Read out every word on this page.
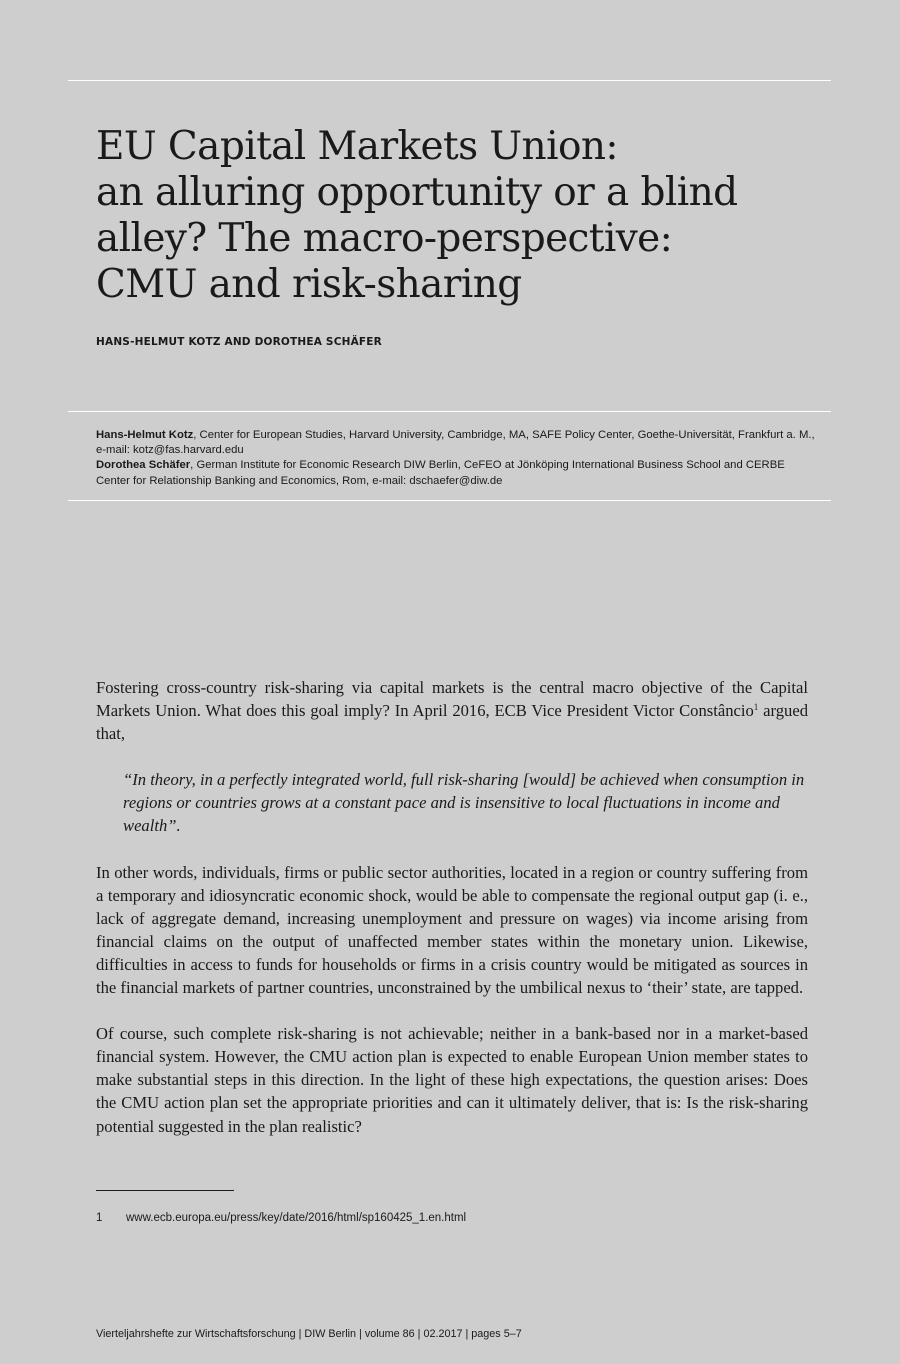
EU Capital Markets Union:
an alluring opportunity or a blind
alley? The macro-perspective:
CMU and risk-sharing
HANS-HELMUT KOTZ AND DOROTHEA SCHÄFER

Hans-Helmut Kotz, Center for European Studies, Harvard University, Cambridge, MA, SAFE Policy Center, Goethe-Universität, Frankfurt a. M., e-mail: kotz@fas.harvard.edu

Dorothea Schäfer, German Institute for Economic Research DIW Berlin, CeFEO at Jönköping International Business School and CERBE Center for Relationship Banking and Economics, Rom, e-mail: dschaefer@diw.de

Fostering cross-country risk-sharing via capital markets is the central macro objective of the Capital Markets Union. What does this goal imply? In April 2016, ECB Vice President Victor Constâncio$^1$ argued that,

“In theory, in a perfectly integrated world, full risk-sharing [would] be achieved when consumption in regions or countries grows at a constant pace and is insensitive to local fluctuations in income and wealth”.

In other words, individuals, firms or public sector authorities, located in a region or country suffering from a temporary and idiosyncratic economic shock, would be able to compensate the regional output gap (i. e., lack of aggregate demand, increasing unemployment and pressure on wages) via income arising from financial claims on the output of unaffected member states within the monetary union. Likewise, difficulties in access to funds for households or firms in a crisis country would be mitigated as sources in the financial markets of partner countries, unconstrained by the umbilical nexus to ‘their’ state, are tapped.

Of course, such complete risk-sharing is not achievable; neither in a bank-based nor in a market-based financial system. However, the CMU action plan is expected to enable European Union member states to make substantial steps in this direction. In the light of these high expectations, the question arises: Does the CMU action plan set the appropriate priorities and can it ultimately deliver, that is: Is the risk-sharing potential suggested in the plan realistic?

1 www.ecb.europa.eu/press/key/date/2016/html/sp160425_1.en.html
Vierteljahrshefte zur Wirtschaftsforschung | DIW Berlin | volume 86 | 02.2017 | pages 5–7
